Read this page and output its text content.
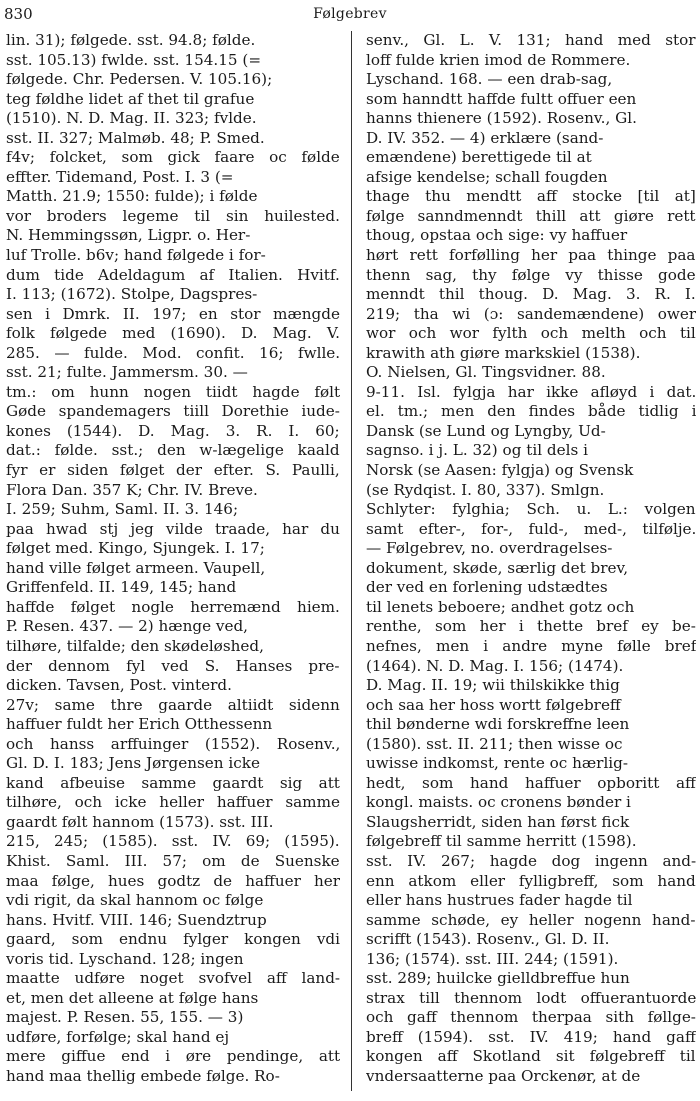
830	Følgebrev
lin. 31); følgede. sst. 94.8; følde.
sst. 105.13) fwlde. sst. 154.15 (=
følgede. Chr. Pedersen. V. 105.16);
teg føldhe lidet af thet til grafue
(1510). N. D. Mag. II. 323; fvlde.
sst. II. 327; Malmøb. 48; P. Smed.
f4v; folcket, som gick faare oc følde
effter. Tidemand, Post. I. 3 (=
Matth. 21.9; 1550: fulde); i følde
vor broders legeme til sin huilested.
N. Hemmingssøn, Ligpr. o. Her-
luf Trolle. b6v; hand følgede i for-
dum tide Adeldagum af Italien. Hvitf.
I. 113; (1672). Stolpe, Dagspres-
sen i Dmrk. II. 197; en stor mængde
folk følgede med (1690). D. Mag. V.
285. — fulde. Mod. confit. 16; fwlle.
sst. 21; fulte. Jammersm. 30. —
tm.: om hunn nogen tiidt hagde følt
Gøde spandemagers tiill Dorethie iude-
kones (1544). D. Mag. 3. R. I. 60;
dat.: følde. sst.; den w-lægelige kaald
fyr er siden følget der efter. S. Paulli,
Flora Dan. 357 K; Chr. IV. Breve.
I. 259; Suhm, Saml. II. 3. 146;
paa hwad stj jeg vilde traade, har du
følget med. Kingo, Sjungek. I. 17;
hand ville følget armeen. Vaupell,
Griffenfeld. II. 149, 145; hand
haffde følget nogle herremænd hiem.
P. Resen. 437. — 2) hænge ved,
tilhøre, tilfalde; den skødeløshed,
der dennom fyl ved S. Hanses pre-
dicken. Tavsen, Post. vinterd.
27v; same thre gaarde altiidt sidenn
haffuer fuldt her Erich Otthessenn
och hanss arffuinger (1552). Rosenv.,
Gl. D. I. 183; Jens Jørgensen icke
kand afbeuise samme gaardt sig att
tilhøre, och icke heller haffuer samme
gaardt følt hannom (1573). sst. III.
215, 245; (1585). sst. IV. 69; (1595).
Khist. Saml. III. 57; om de Suenske
maa følge, hues godtz de haffuer her
vdi rigit, da skal hannom oc følge
hans. Hvitf. VIII. 146; Suendztrup
gaard, som endnu fylger kongen vdi
voris tid. Lyschand. 128; ingen
maatte udføre noget svofvel aff land-
et, men det alleene at følge hans
majest. P. Resen. 55, 155. — 3)
udføre, forfølge; skal hand ej
mere giffue end i øre pendinge, att
hand maa thellig embede følge. Ro-
senv., Gl. L. V. 131; hand med stor
loff fulde krien imod de Rommere.
Lyschand. 168. — een drab-sag,
som hanndtt haffde fultt offuer een
hanns thienere (1592). Rosenv., Gl.
D. IV. 352. — 4) erklære (sand-
emændene) berettigede til at
afsige kendelse; schall fougden
thage thu mendtt aff stocke [til at]
følge sanndmenndt thill att giøre rett
thoug, opstaa och sige: vy haffuer
hørt rett forfølling her paa thinge paa
thenn sag, thy følge vy thisse gode
menndt thil thoug. D. Mag. 3. R. I.
219; tha wi (ɔ: sandemændene) ower
wor och wor fylth och melth och til
krawith ath giøre markskiel (1538).
O. Nielsen, Gl. Tingsvidner. 88.
9-11. Isl. fylgja har ikke afløyd i dat.
el. tm.; men den findes både tidlig i
Dansk (se Lund og Lyngby, Ud-
sagnso. i j. L. 32) og til dels i
Norsk (se Aasen: fylgja) og Svensk
(se Rydqist. I. 80, 337). Smlgn.
Schlyter: fylghia; Sch. u. L.: volgen
samt efter-, for-, fuld-, med-, tilfølje.
— Følgebrev, no. overdragelses-
dokument, skøde, særlig det brev,
der ved en forlening udstædtes
til lenets beboere; andhet gotz och
renthe, som her i thette bref ey be-
nefnes, men i andre myne følle bref
(1464). N. D. Mag. I. 156; (1474).
D. Mag. II. 19; wii thilskikke thig
och saa her hoss wortt følgebreff
thil bønderne wdi forskreffne leen
(1580). sst. II. 211; then wisse oc
uwisse indkomst, rente oc hærlig-
hedt, som hand haffuer opboritt aff
kongl. maists. oc cronens bønder i
Slaugsherridt, siden han først fick
følgebreff til samme herritt (1598).
sst. IV. 267; hagde dog ingenn and-
enn atkom eller fylligbreff, som hand
eller hans hustrues fader hagde til
samme schøde, ey heller nogenn hand-
scrifft (1543). Rosenv., Gl. D. II.
136; (1574). sst. III. 244; (1591).
sst. 289; huilcke gielldbreffue hun
strax till thennom lodt offuerantuorde
och gaff thennom therpaa sith føllge-
breff (1594). sst. IV. 419; hand gaff
kongen aff Skotland sit følgebreff til
vndersaatterne paa Orckenør, at de
